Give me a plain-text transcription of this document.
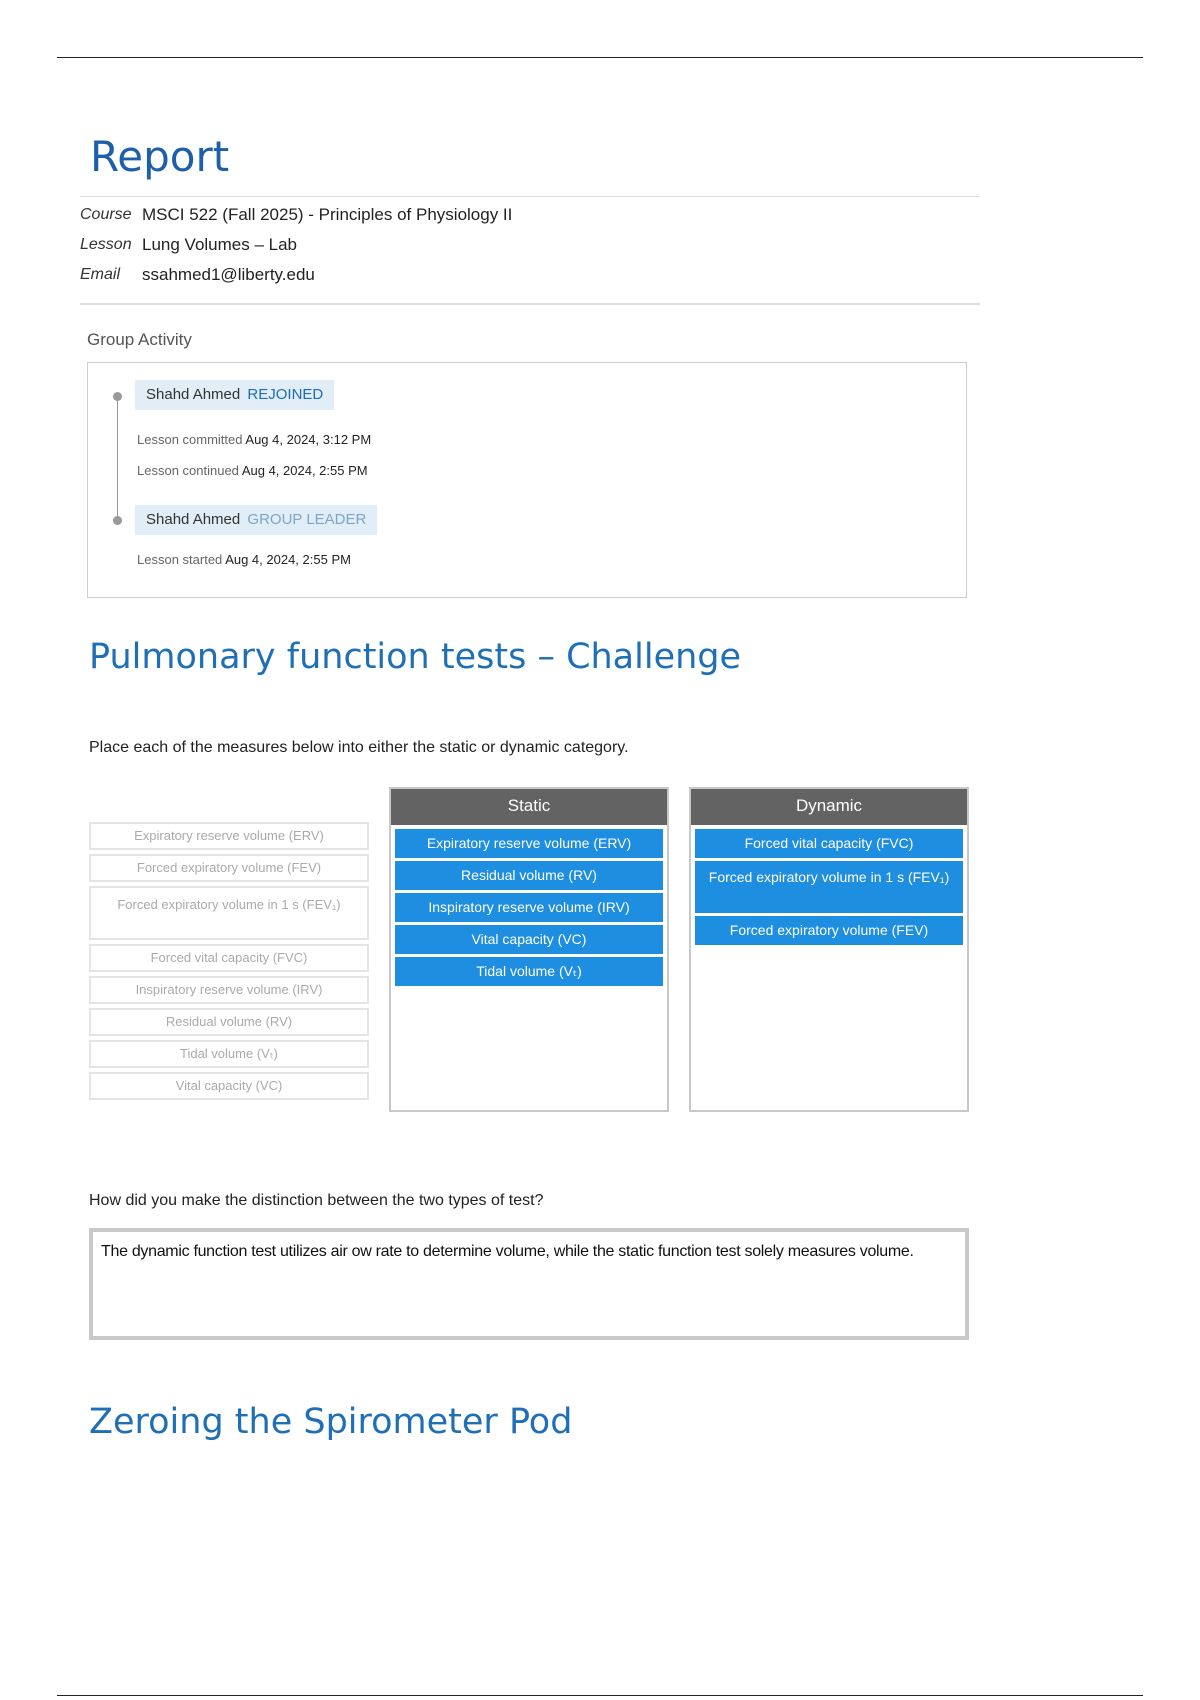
Report
Course MSCI 522 (Fall 2025) - Principles of Physiology II
Lesson Lung Volumes – Lab
Email	ssahmed1@liberty.edu
Group Activity
Shahd Ahmed REJOINED
Lesson committed Aug 4, 2024, 3:12 PM
Lesson continued Aug 4, 2024, 2:55 PM
Shahd Ahmed GROUP LEADER
Lesson started Aug 4, 2024, 2:55 PM
Pulmonary function tests – Challenge
Place each of the measures below into either the static or dynamic category.
Expiratory reserve volume (ERV)
Forced expiratory volume (FEV)
Forced expiratory volume in 1 s (FEV₁)
Forced vital capacity (FVC)
Inspiratory reserve volume (IRV)
Residual volume (RV)
Tidal volume (Vₜ)
Vital capacity (VC)
Static
Expiratory reserve volume (ERV)
Residual volume (RV)
Inspiratory reserve volume (IRV)
Vital capacity (VC)
Tidal volume (Vₜ)
Dynamic
Forced vital capacity (FVC)
Forced expiratory volume in 1 s (FEV₁)
Forced expiratory volume (FEV)
How did you make the distinction between the two types of test?
The dynamic function test utilizes air ow rate to determine volume, while the static function test solely measures volume.
Zeroing the Spirometer Pod
